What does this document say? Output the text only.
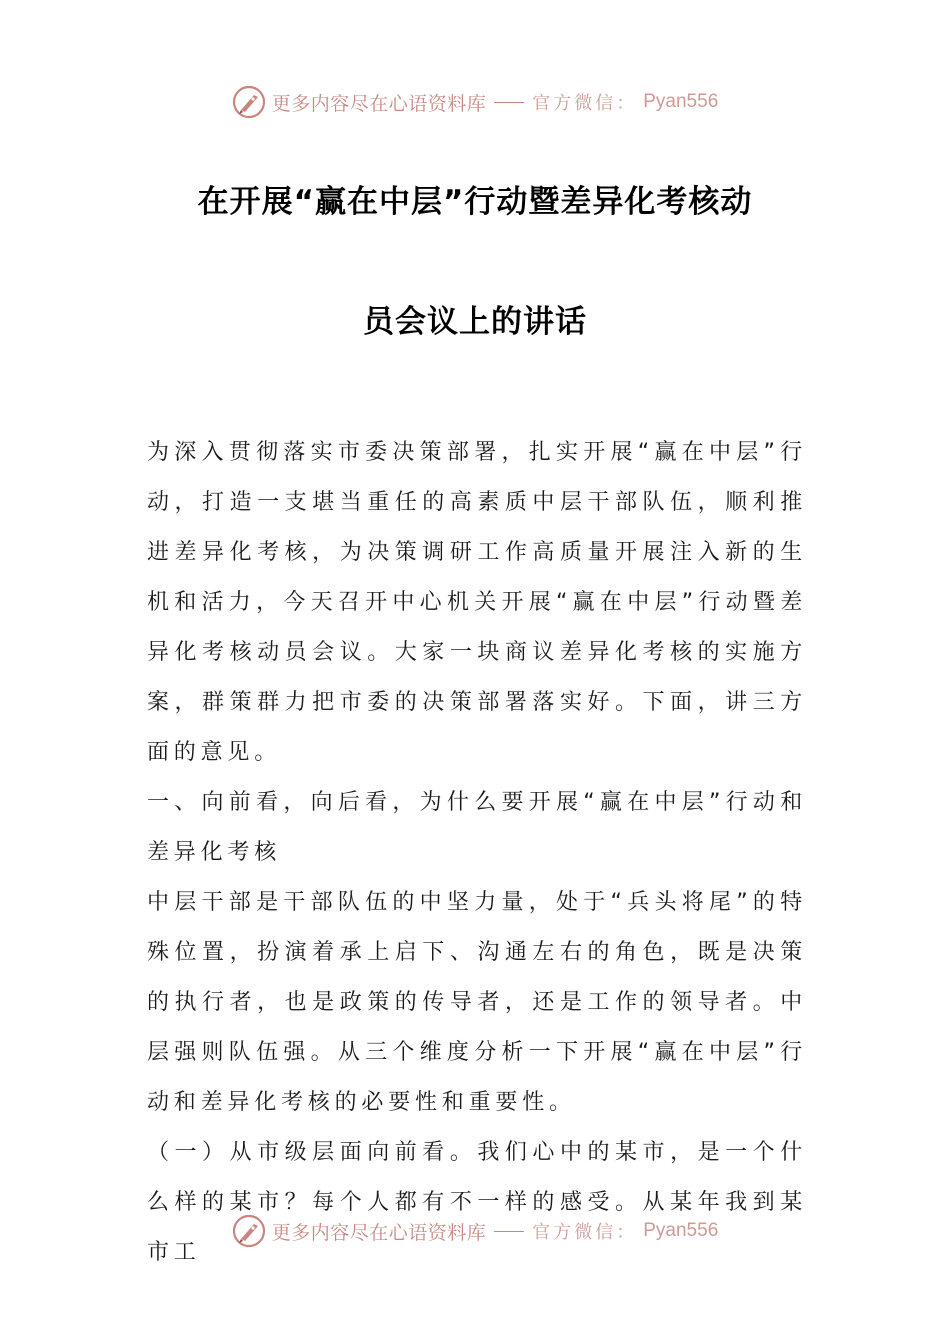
更多内容尽在心语资料库	官方微信： Pyan556
在开展“赢在中层”行动暨差异化考核动
员会议上的讲话

为深入贯彻落实市委决策部署，扎实开展“赢在中层”行动，打造一支堪当重任的高素质中层干部队伍，顺利推进差异化考核，为决策调研工作高质量开展注入新的生机和活力，今天召开中心机关开展“赢在中层”行动暨差异化考核动员会议。大家一块商议差异化考核的实施方案，群策群力把市委的决策部署落实好。下面，讲三方面的意见。

一、向前看，向后看，为什么要开展“赢在中层”行动和差异化考核

中层干部是干部队伍的中坚力量，处于“兵头将尾”的特殊位置，扮演着承上启下、沟通左右的角色，既是决策的执行者，也是政策的传导者，还是工作的领导者。中层强则队伍强。从三个维度分析一下开展“赢在中层”行动和差异化考核的必要性和重要性。

（一）从市级层面向前看。我们心中的某市，是一个什么样的某市？每个人都有不一样的感受。从某年我到某市工

更多内容尽在心语资料库	官方微信： Pyan556
